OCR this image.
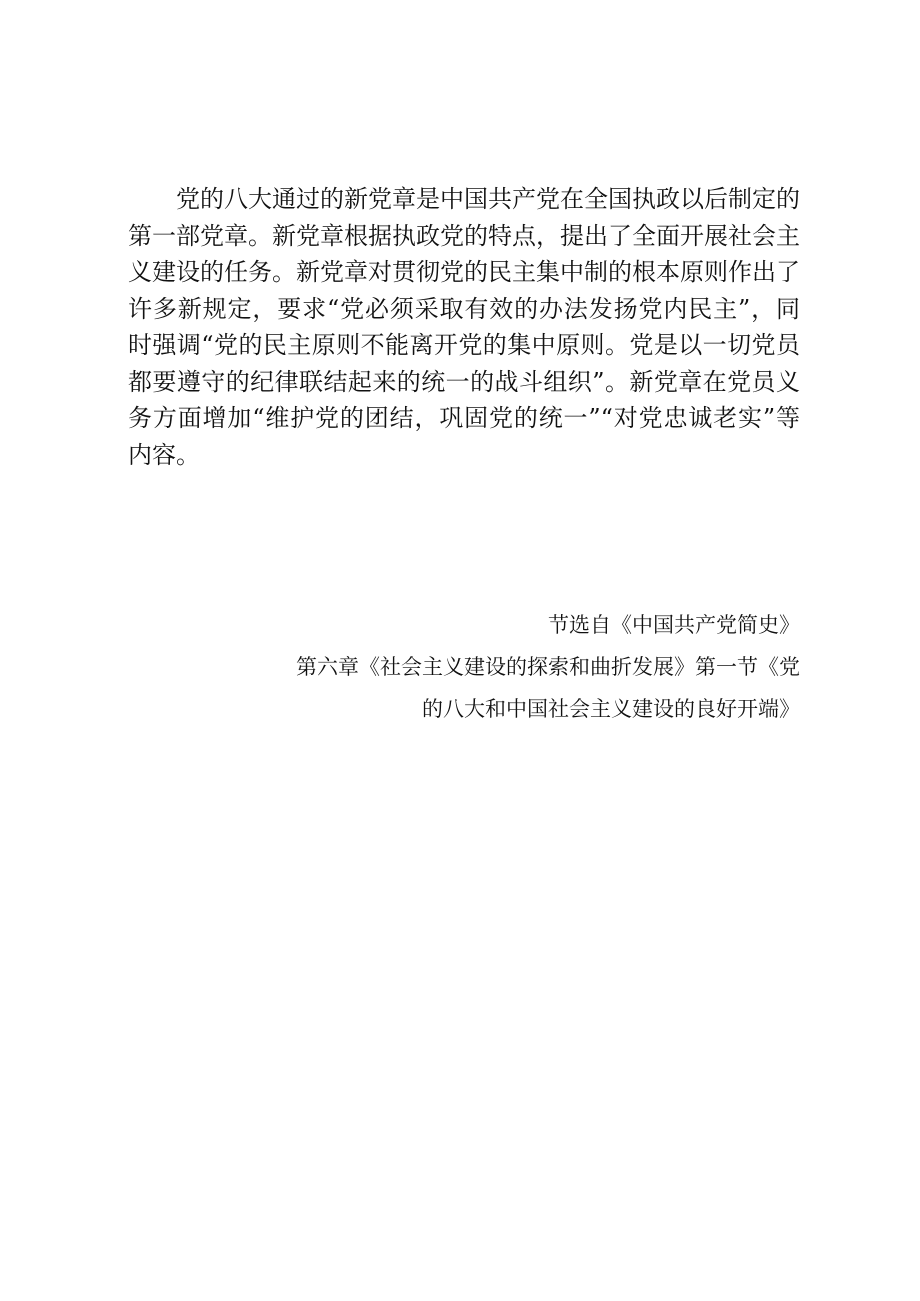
党的八大通过的新党章是中国共产党在全国执政以后制定的第一部党章。新党章根据执政党的特点，提出了全面开展社会主义建设的任务。新党章对贯彻党的民主集中制的根本原则作出了许多新规定，要求“党必须采取有效的办法发扬党内民主”，同时强调“党的民主原则不能离开党的集中原则。党是以一切党员都要遵守的纪律联结起来的统一的战斗组织”。新党章在党员义务方面增加“维护党的团结，巩固党的统一”“对党忠诚老实”等内容。

节选自《中国共产党简史》
第六章《社会主义建设的探索和曲折发展》第一节《党
的八大和中国社会主义建设的良好开端》
